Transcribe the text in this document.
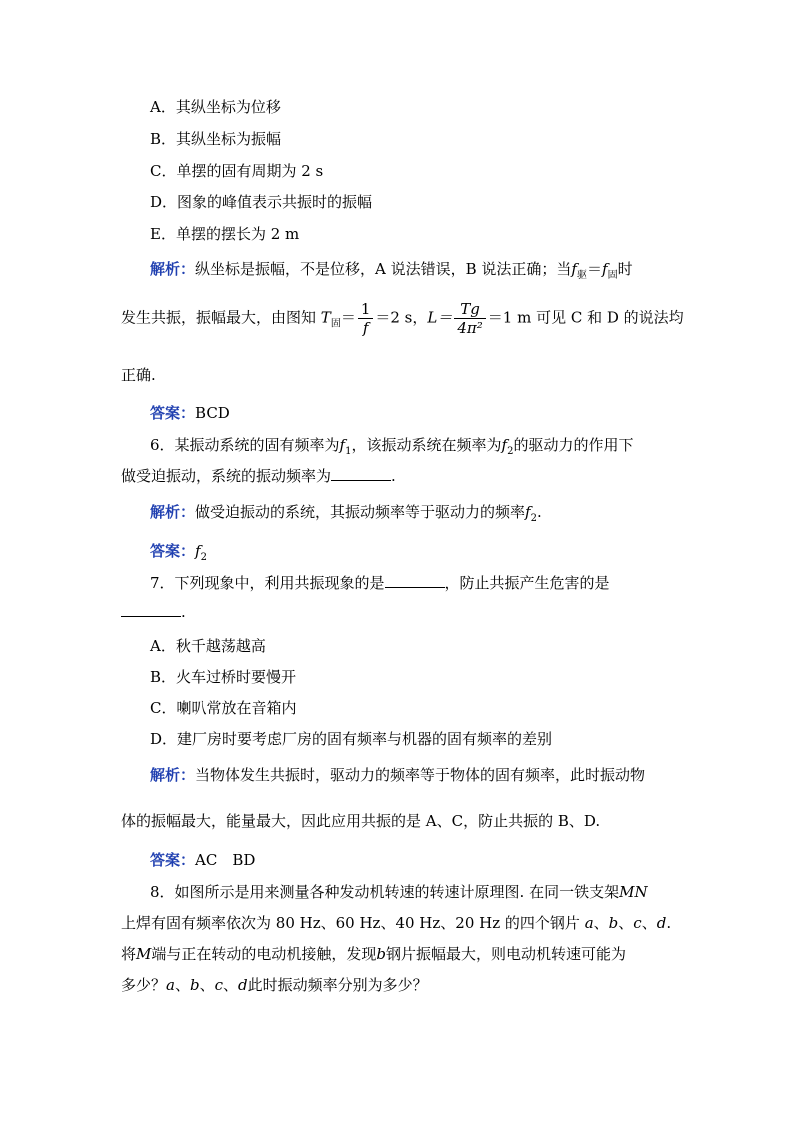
A．其纵坐标为位移
B．其纵坐标为振幅
C．单摆的固有周期为 2 s
D．图象的峰值表示共振时的振幅
E．单摆的摆长为 2 m
解析：纵坐标是振幅，不是位移，A 说法错误，B 说法正确；当$f_驱=f_固$时
发生共振，振幅最大，由图知 $T_固= \frac{1}{f} =2$ s，$L= \frac{Tg}{\text{4π²}} =1$ m 可见 C 和 D 的说法均
正确.
答案：BCD
6．某振动系统的固有频率为$f_1$，该振动系统在频率为$f_2$的驱动力的作用下
做受迫振动，系统的振动频率为	.
解析：做受迫振动的系统，其振动频率等于驱动力的频率$f_2$.
答案：$f_2$
7．下列现象中，利用共振现象的是	，防止共振产生危害的是
.
A．秋千越荡越高
B．火车过桥时要慢开
C．喇叭常放在音箱内
D．建厂房时要考虑厂房的固有频率与机器的固有频率的差别
解析：当物体发生共振时，驱动力的频率等于物体的固有频率，此时振动物
体的振幅最大，能量最大，因此应用共振的是 A、C，防止共振的 B、D.
答案：AC　BD
8．如图所示是用来测量各种发动机转速的转速计原理图. 在同一铁支架MN
上焊有固有频率依次为 80 Hz、60 Hz、40 Hz、20 Hz 的四个钢片 a、b、c、d.
将M端与正在转动的电动机接触，发现b钢片振幅最大，则电动机转速可能为
多少？a、b、c、d此时振动频率分别为多少？
